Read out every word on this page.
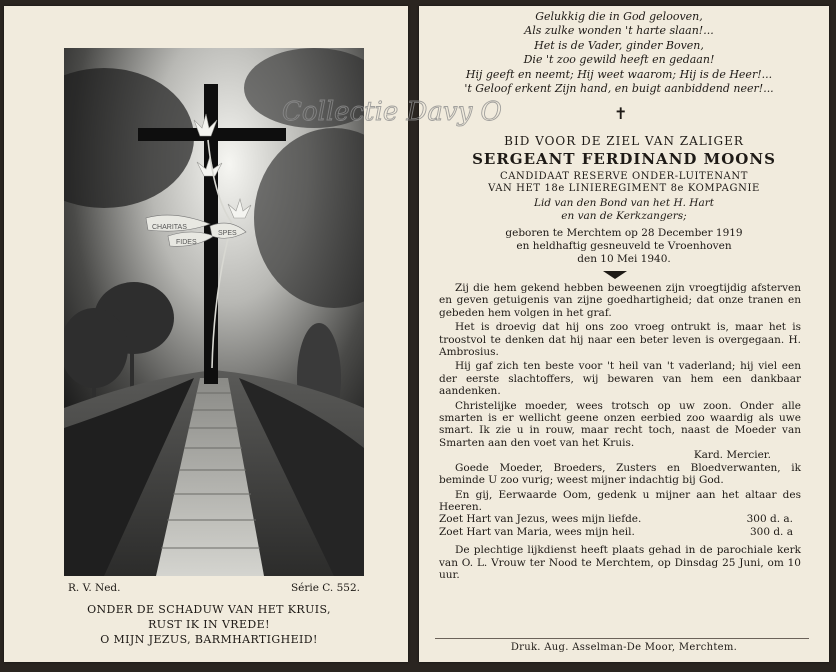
CHARITAS
FIDES
SPES
R. V. Ned.	Série C. 552.
ONDER DE SCHADUW VAN HET KRUIS,
RUST IK IN VREDE!
O MIJN JEZUS, BARMHARTIGHEID!
Gelukkig die in God gelooven,
Als zulke wonden 't harte slaan!...
Het is de Vader, ginder Boven,
Die 't zoo gewild heeft en gedaan!
Hij geeft en neemt; Hij weet waarom; Hij is de Heer!...
't Geloof erkent Zijn hand, en buigt aanbiddend neer!...
✝
BID VOOR DE ZIEL VAN ZALIGER
SERGEANT FERDINAND MOONS
CANDIDAAT RESERVE ONDER-LUITENANT
VAN HET 18e LINIEREGIMENT 8e KOMPAGNIE
Lid van den Bond van het H. Hart
en van de Kerkzangers;
geboren te Merchtem op 28 December 1919
en heldhaftig gesneuveld te Vroenhoven
den 10 Mei 1940.

Zij die hem gekend hebben beweenen zijn vroegtijdig afsterven en geven getuigenis van zijne goedhartigheid; dat onze tranen en gebeden hem volgen in het graf.

Het is droevig dat hij ons zoo vroeg ontrukt is, maar het is troostvol te denken dat hij naar een beter leven is overgegaan. H. Ambrosius.

Hij gaf zich ten beste voor 't heil van 't vaderland; hij viel een der eerste slachtoffers, wij bewaren van hem een dankbaar aandenken.

Christelijke moeder, wees trotsch op uw zoon. Onder alle smarten is er wellicht geene onzen eerbied zoo waardig als uwe smart. Ik zie u in rouw, maar recht toch, naast de Moeder van Smarten aan den voet van het Kruis.

Kard. Mercier.

Goede Moeder, Broeders, Zusters en Bloedverwanten, ik beminde U zoo vurig; weest mijner indachtig bij God.

En gij, Eerwaarde Oom, gedenk u mijner aan het altaar des Heeren.

Zoet Hart van Jezus, wees mijn liefde.	300 d. a.
Zoet Hart van Maria, wees mijn heil.	300 d. a

De plechtige lijkdienst heeft plaats gehad in de parochiale kerk van O. L. Vrouw ter Nood te Merchtem, op Dinsdag 25 Juni, om 10 uur.

Druk. Aug. Asselman-De Moor, Merchtem.
Collectie Davy O
